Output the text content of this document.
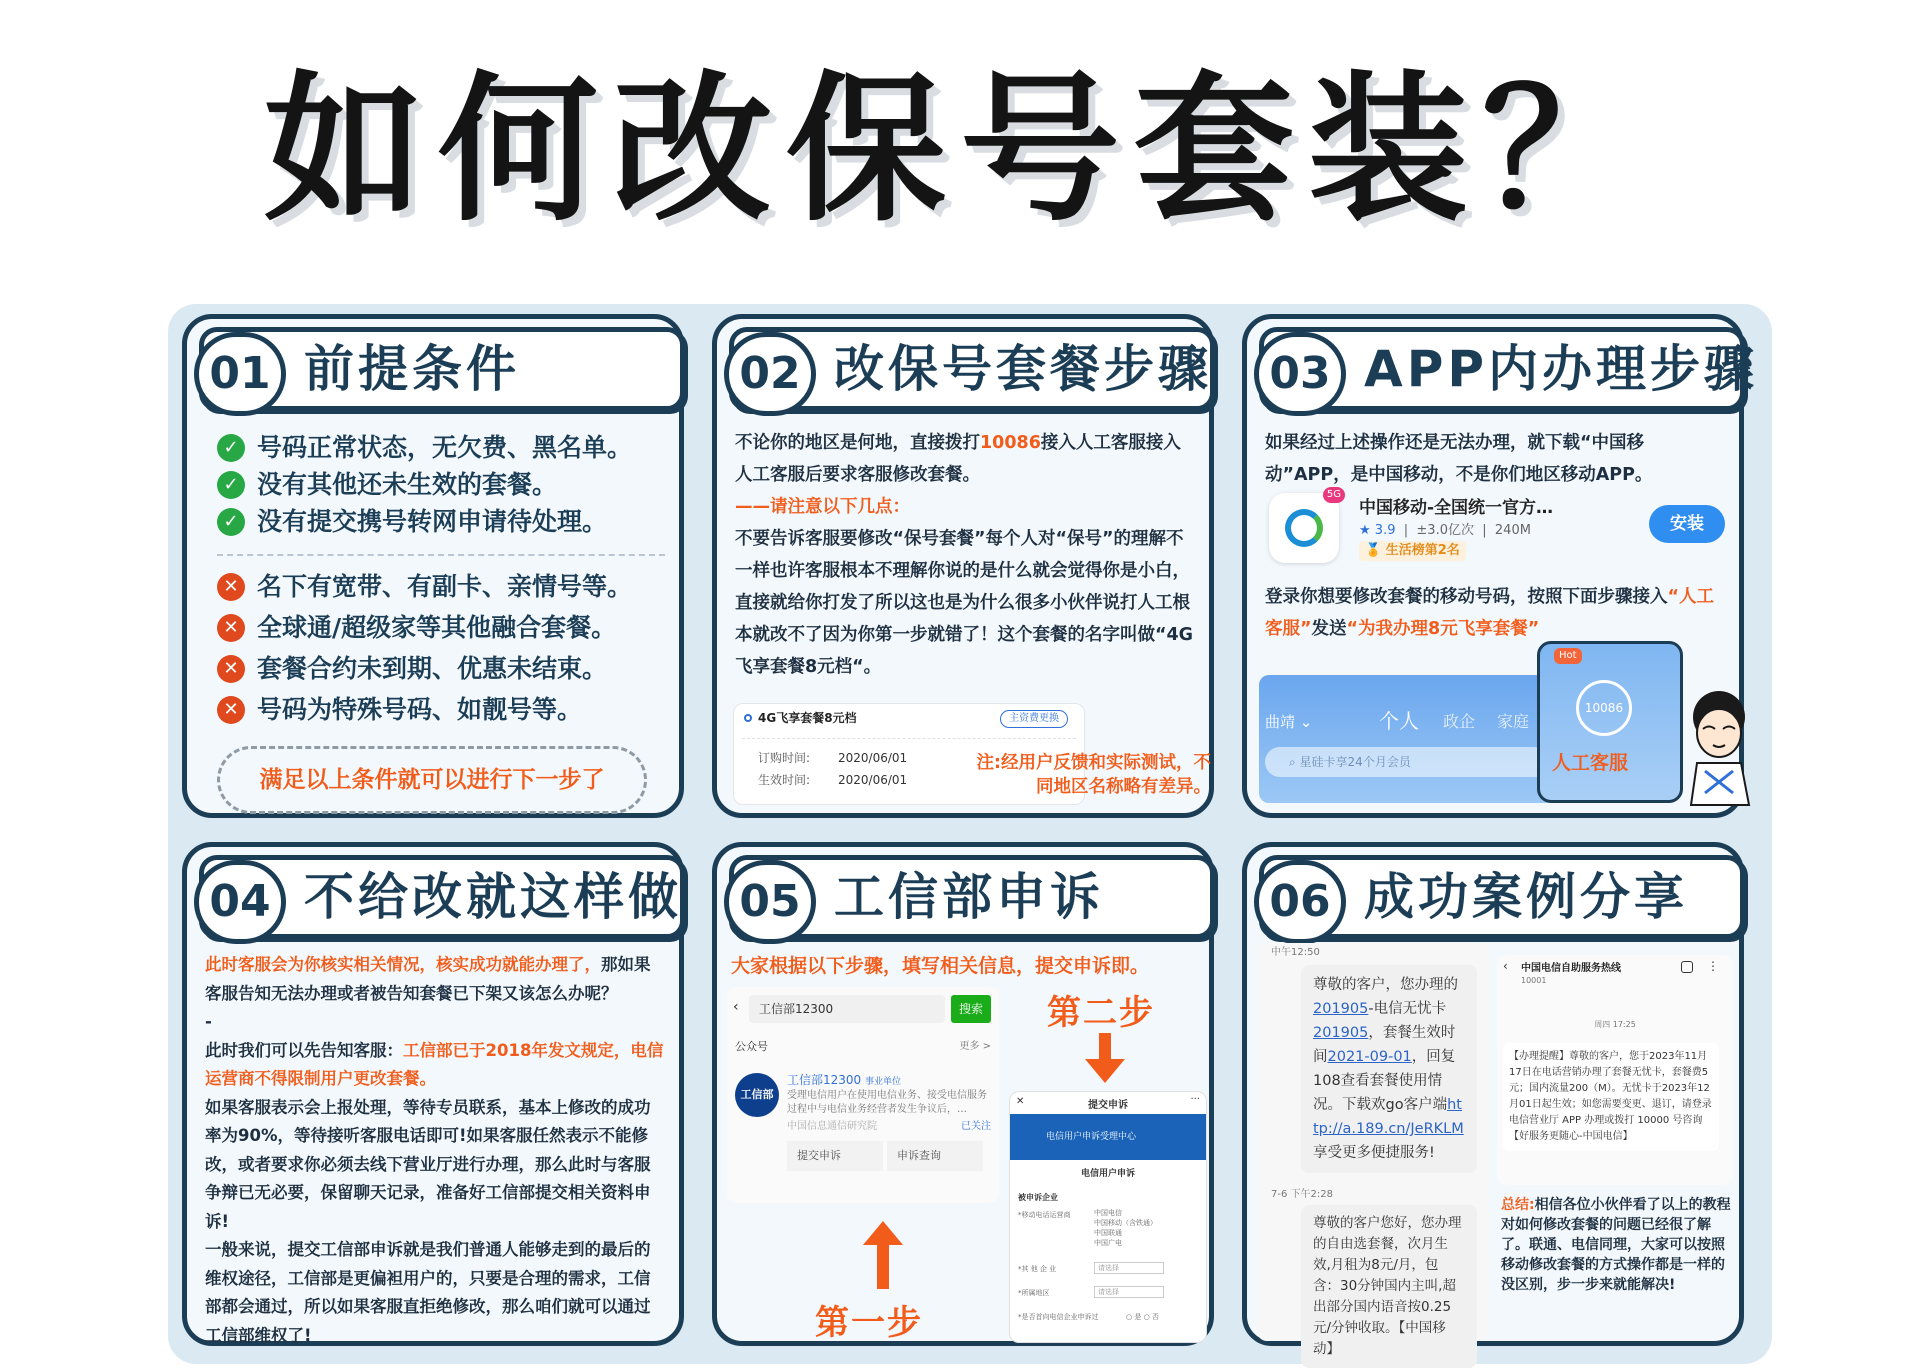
如何改保号套装？
01 前提条件
✓ 号码正常状态，无欠费、黑名单。
✓ 没有其他还未生效的套餐。
✓ 没有提交携号转网申请待处理。
✕ 名下有宽带、有副卡、亲情号等。
✕ 全球通/超级家等其他融合套餐。
✕ 套餐合约未到期、优惠未结束。
✕ 号码为特殊号码、如靓号等。
满足以上条件就可以进行下一步了
02 改保号套餐步骤
不论你的地区是何地，直接拨打10086接入人工客服接入人工客服后要求客服修改套餐。
——请注意以下几点：
不要告诉客服要修改“保号套餐”每个人对“保号”的理解不一样也许客服根本不理解你说的是什么就会觉得你是小白，直接就给你打发了所以这也是为什么很多小伙伴说打人工根本就改不了因为你第一步就错了！这个套餐的名字叫做“4G飞享套餐8元档“。
4G飞享套餐8元档	主资费更换
订购时间: 2020/06/01
生效时间: 2020/06/01
注:经用户反馈和实际测试，不同地区名称略有差异。
03 APP内办理步骤
如果经过上述操作还是无法办理，就下载“中国移动”APP，是中国移动，不是你们地区移动APP。
5G
中国移动-全国统一官方…
★ 3.9  |  ±3.0亿次  |  240M
🏅 生活榜第2名
安装
登录你想要修改套餐的移动号码，按照下面步骤接入“人工客服”发送“为我办理8元飞享套餐”
曲靖 ⌄	个人 政企 家庭
⌕ 星硅卡享24个月会员
Hot
10086
人工客服
04 不给改就这样做
此时客服会为你核实相关情况，核实成功就能办理了，那如果客服告知无法办理或者被告知套餐已下架又该怎么办呢？
-
此时我们可以先告知客服：工信部已于2018年发文规定，电信运营商不得限制用户更改套餐。
如果客服表示会上报处理，等待专员联系，基本上修改的成功率为90%，等待接听客服电话即可!如果客服任然表示不能修改，或者要求你必须去线下营业厅进行办理，那么此时与客服争辩已无必要，保留聊天记录，准备好工信部提交相关资料申诉!
一般来说，提交工信部申诉就是我们普通人能够走到的最后的维权途径，工信部是更偏袒用户的，只要是合理的需求，工信部都会通过，所以如果客服直拒绝修改，那么咱们就可以通过工信部维权了!
05 工信部申诉
大家根据以下步骤，填写相关信息，提交申诉即。
‹	工信部12300	搜索
公众号	更多 >
工信部
工信部12300 事业单位
受理电信用户在使用电信业务、接受电信服务过程中与电信业务经营者发生争议后，…
中国信息通信研究院	已关注
提交申诉	申诉查询
第一步
第二步
✕	提交申诉
···
电信用户申诉受理中心
电信用户申诉
被申诉企业
*移动电话运营商	中国电信
中国移动（含铁通）
中国联通
中国广电
*其 他 企 业	请选择
*所属地区	请选择
*是否首向电信企业申诉过	○ 是 ○ 否
06 成功案例分享
中午12:50
尊敬的客户，您办理的201905-电信无忧卡201905，套餐生效时间2021-09-01，回复108查看套餐使用情况。下载欢go客户端http://a.189.cn/JeRKLM享受更多便捷服务!
7-6 下午2:28
尊敬的客户您好，您办理的自由选套餐，次月生效,月租为8元/月，包含：30分钟国内主叫,超出部分国内语音按0.25元/分钟收取。【中国移动】
‹ 中国电信自助服务热线
10001
⋮
周四 17:25
【办理提醒】尊敬的客户，您于2023年11月17日在电话营销办理了套餐无忧卡，套餐费5元；国内流量200（M）。无忧卡于2023年12月01日起生效；如您需要变更、退订，请登录电信营业厅 APP 办理或拨打 10000 号咨询【好服务更随心-中国电信】
总结:相信各位小伙伴看了以上的教程对如何修改套餐的问题已经很了解了。联通、电信同理，大家可以按照移动修改套餐的方式操作都是一样的没区别，步一步来就能解决!
